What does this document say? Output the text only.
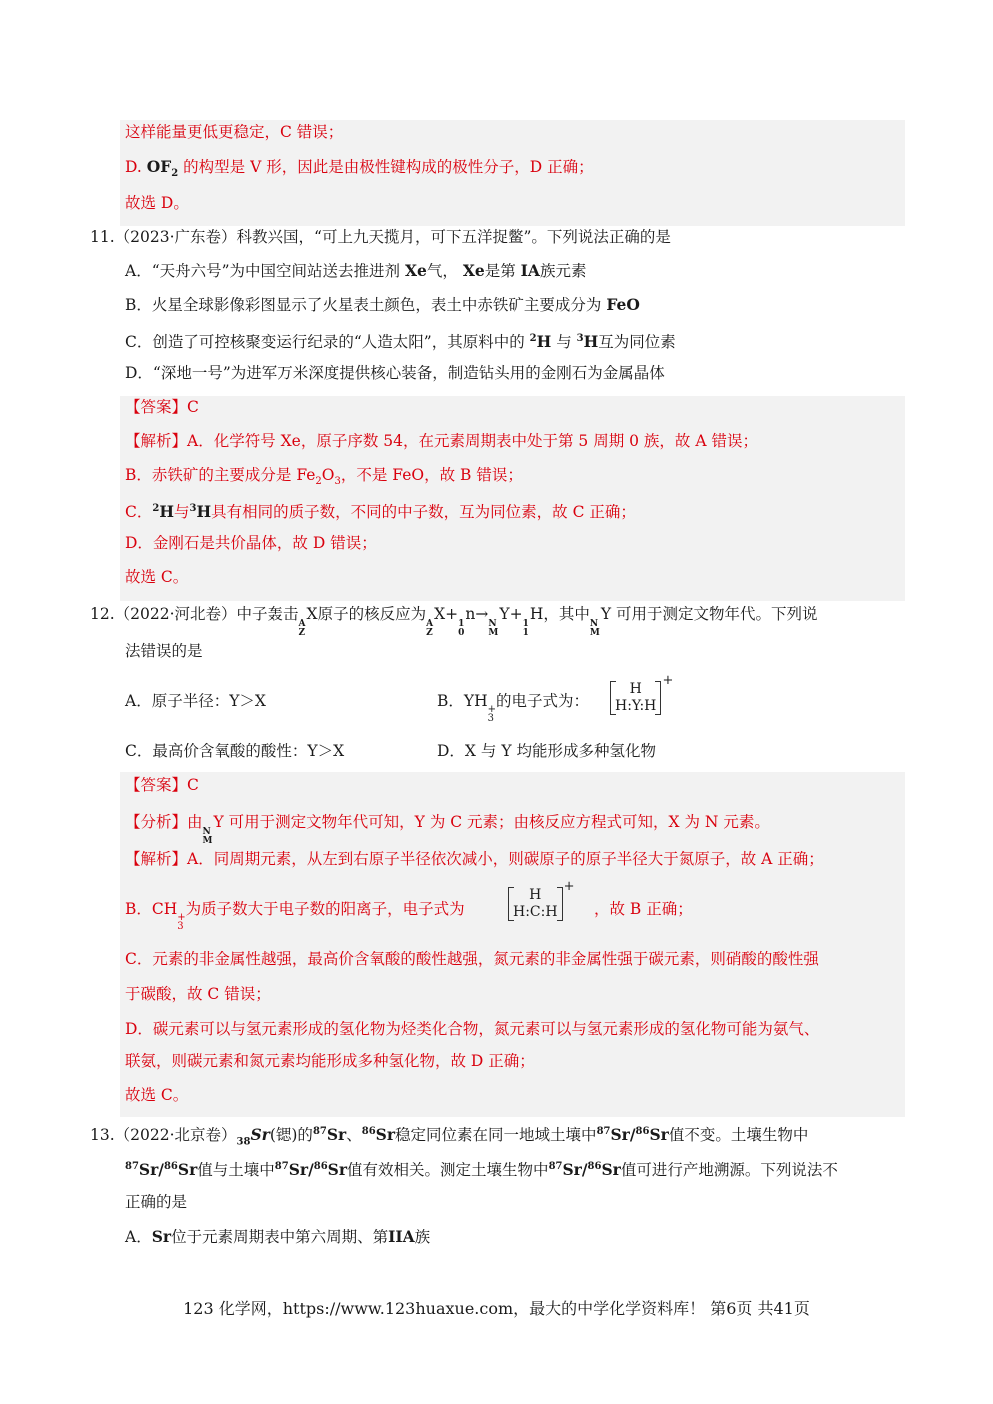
这样能量更低更稳定，C 错误；
D. $OF_2$ 的构型是 V 形，因此是由极性键构成的极性分子，D 正确；
故选 D。
11.（2023·广东卷）科教兴国，“可上九天揽月，可下五洋捉鳖”。下列说法正确的是
A．“天舟六号”为中国空间站送去推进剂 Xe气， Xe是第 IA族元素
B．火星全球影像彩图显示了火星表土颜色，表土中赤铁矿主要成分为 FeO
C．创造了可控核聚变运行纪录的“人造太阳”，其原料中的 $^2$H 与 $^3$H互为同位素
D．“深地一号”为进军万米深度提供核心装备，制造钻头用的金刚石为金属晶体
【答案】C
【解析】A．化学符号 Xe，原子序数 54，在元素周期表中处于第 5 周期 0 族，故 A 错误；
B．赤铁矿的主要成分是 $Fe_2O_3$，不是 FeO，故 B 错误；
C．$^2$H与$^3$H具有相同的质子数，不同的中子数，互为同位素，故 C 正确；
D．金刚石是共价晶体，故 D 错误；
故选 C。
12.（2022·河北卷）中子轰击
A
Z
X原子的核反应为
A
Z
X+
1
0
n→
N
M
Y+
1
1
H，其中
N
M
Y 可用于测定文物年代。下列说
法错误的是
A．原子半径：Y＞X	B．YH +
3
的电子式为：
H
H:Y:H
+
C．最高价含氧酸的酸性：Y＞X	D．X 与 Y 均能形成多种氢化物
【答案】C
【分析】由
N
M
Y 可用于测定文物年代可知，Y 为 C 元素；由核反应方程式可知，X 为 N 元素。
【解析】A．同周期元素，从左到右原子半径依次减小，则碳原子的原子半径大于氮原子，故 A 正确；
B．CH +
3
为质子数大于电子数的阳离子，电子式为
H
H:C:H
+
，故 B 正确；
C．元素的非金属性越强，最高价含氧酸的酸性越强，氮元素的非金属性强于碳元素，则硝酸的酸性强
于碳酸，故 C 错误；
D．碳元素可以与氢元素形成的氢化物为烃类化合物，氮元素可以与氢元素形成的氢化物可能为氨气、
联氨，则碳元素和氮元素均能形成多种氢化物，故 D 正确；
故选 C。
13.（2022·北京卷）$_{38}Sr$(锶)的$^{87}$Sr、$^{86}$Sr稳定同位素在同一地域土壤中$^{87}$Sr/$^{86}$Sr值不变。土壤生物中
$^{87}$Sr/$^{86}$Sr值与土壤中$^{87}$Sr/$^{86}$Sr值有效相关。测定土壤生物中$^{87}$Sr/$^{86}$Sr值可进行产地溯源。下列说法不
正确的是
A．Sr位于元素周期表中第六周期、第IIA族
123 化学网，https://www.123huaxue.com，最大的中学化学资料库！ 第6页 共41页
